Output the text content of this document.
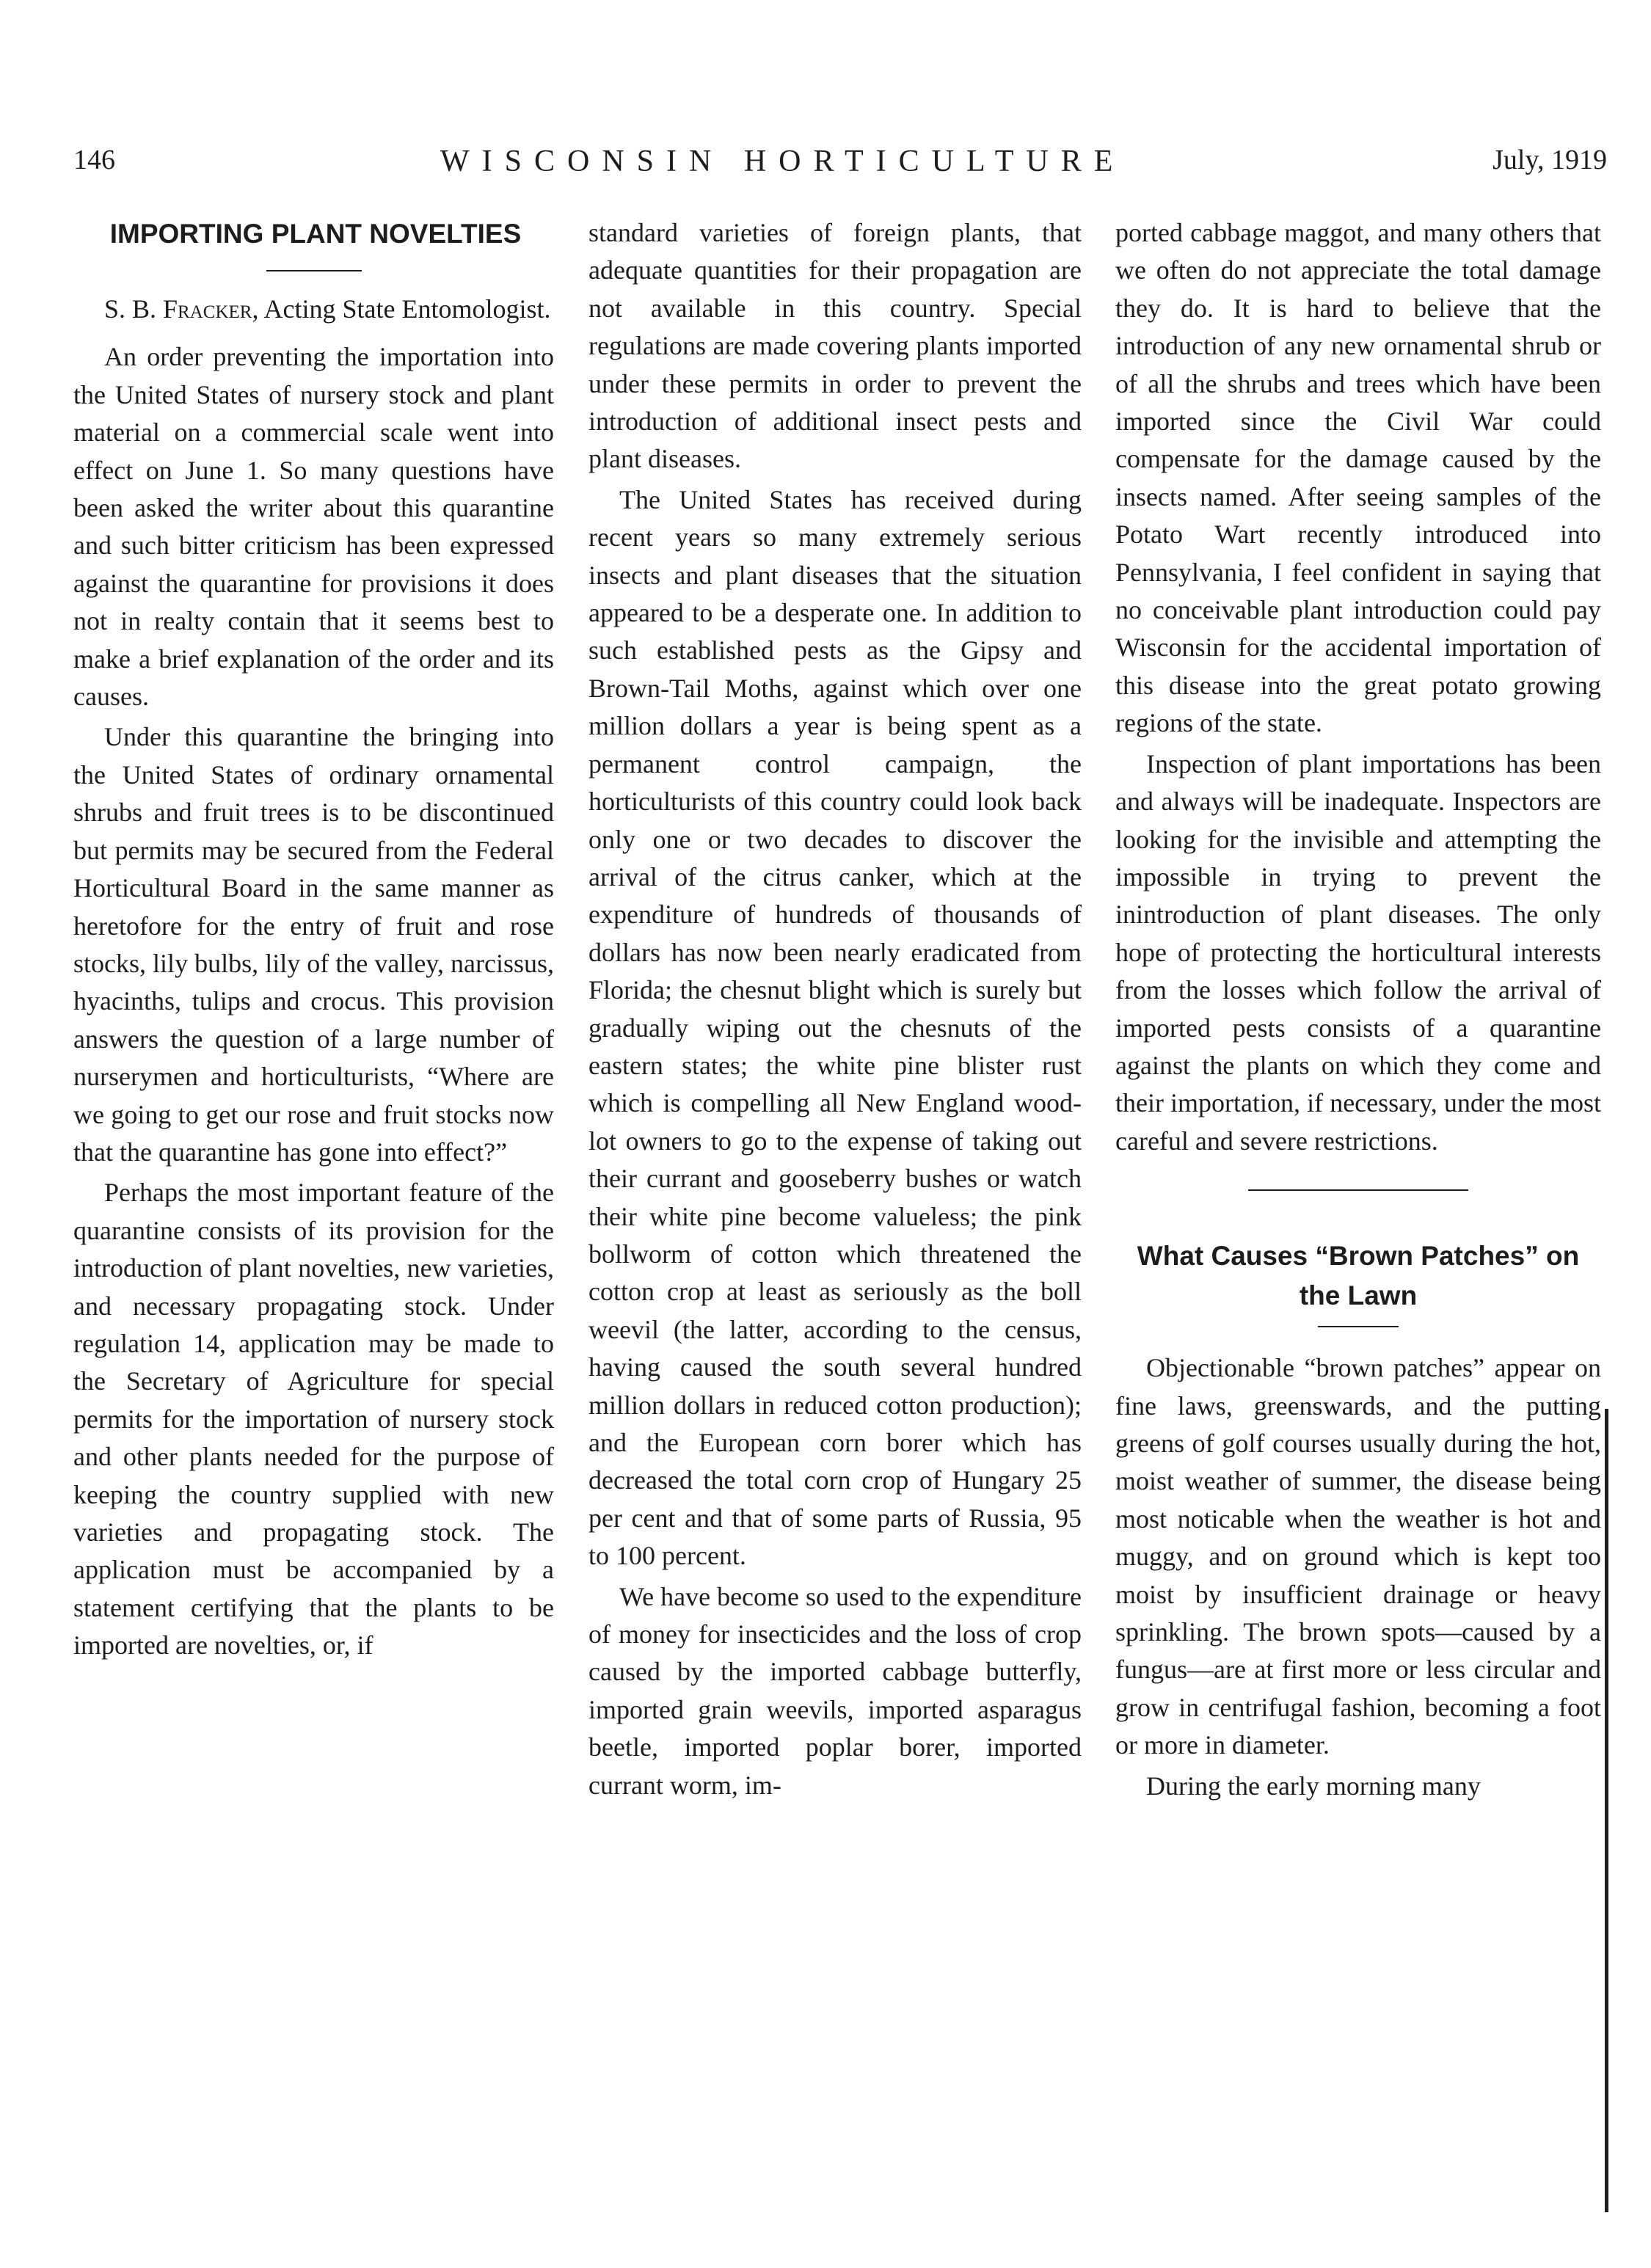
146	WISCONSIN HORTICULTURE	July, 1919
IMPORTING PLANT NOVELTIES

S. B. Fracker, Acting State Entomologist.

An order preventing the importation into the United States of nursery stock and plant material on a commercial scale went into effect on June 1. So many questions have been asked the writer about this quarantine and such bitter criticism has been expressed against the quarantine for provisions it does not in realty contain that it seems best to make a brief explanation of the order and its causes.

Under this quarantine the bringing into the United States of ordinary ornamental shrubs and fruit trees is to be discontinued but permits may be secured from the Federal Horticultural Board in the same manner as heretofore for the entry of fruit and rose stocks, lily bulbs, lily of the valley, narcissus, hyacinths, tulips and crocus. This provision answers the question of a large number of nurserymen and horticulturists, “Where are we going to get our rose and fruit stocks now that the quarantine has gone into effect?”

Perhaps the most important feature of the quarantine consists of its provision for the introduction of plant novelties, new varieties, and necessary propagating stock. Under regulation 14, application may be made to the Secretary of Agriculture for special permits for the importation of nursery stock and other plants needed for the purpose of keeping the country supplied with new varieties and propagating stock. The application must be accompanied by a statement certifying that the plants to be imported are novelties, or, if

standard varieties of foreign plants, that adequate quantities for their propagation are not available in this country. Special regulations are made covering plants imported under these permits in order to prevent the introduction of additional insect pests and plant diseases.

The United States has received during recent years so many extremely serious insects and plant diseases that the situation appeared to be a desperate one. In addition to such established pests as the Gipsy and Brown-Tail Moths, against which over one million dollars a year is being spent as a permanent control campaign, the horticulturists of this country could look back only one or two decades to discover the arrival of the citrus canker, which at the expenditure of hundreds of thousands of dollars has now been nearly eradicated from Florida; the chesnut blight which is surely but gradually wiping out the chesnuts of the eastern states; the white pine blister rust which is compelling all New England wood-lot owners to go to the expense of taking out their currant and gooseberry bushes or watch their white pine become valueless; the pink bollworm of cotton which threatened the cotton crop at least as seriously as the boll weevil (the latter, according to the census, having caused the south several hundred million dollars in reduced cotton production); and the European corn borer which has decreased the total corn crop of Hungary 25 per cent and that of some parts of Russia, 95 to 100 percent.

We have become so used to the expenditure of money for insecticides and the loss of crop caused by the imported cabbage butterfly, imported grain weevils, imported asparagus beetle, imported poplar borer, imported currant worm, im-

ported cabbage maggot, and many others that we often do not appreciate the total damage they do. It is hard to believe that the introduction of any new ornamental shrub or of all the shrubs and trees which have been imported since the Civil War could compensate for the damage caused by the insects named. After seeing samples of the Potato Wart recently introduced into Pennsylvania, I feel confident in saying that no conceivable plant introduction could pay Wisconsin for the accidental importation of this disease into the great potato growing regions of the state.

Inspection of plant importations has been and always will be inadequate. Inspectors are looking for the invisible and attempting the impossible in trying to prevent the inintroduction of plant diseases. The only hope of protecting the horticultural interests from the losses which follow the arrival of imported pests consists of a quarantine against the plants on which they come and their importation, if necessary, under the most careful and severe restrictions.

What Causes “Brown Patches” on the Lawn

Objectionable “brown patches” appear on fine laws, greenswards, and the putting greens of golf courses usually during the hot, moist weather of summer, the disease being most noticable when the weather is hot and muggy, and on ground which is kept too moist by insufficient drainage or heavy sprinkling. The brown spots—caused by a fungus—are at first more or less circular and grow in centrifugal fashion, becoming a foot or more in diameter.

During the early morning many
